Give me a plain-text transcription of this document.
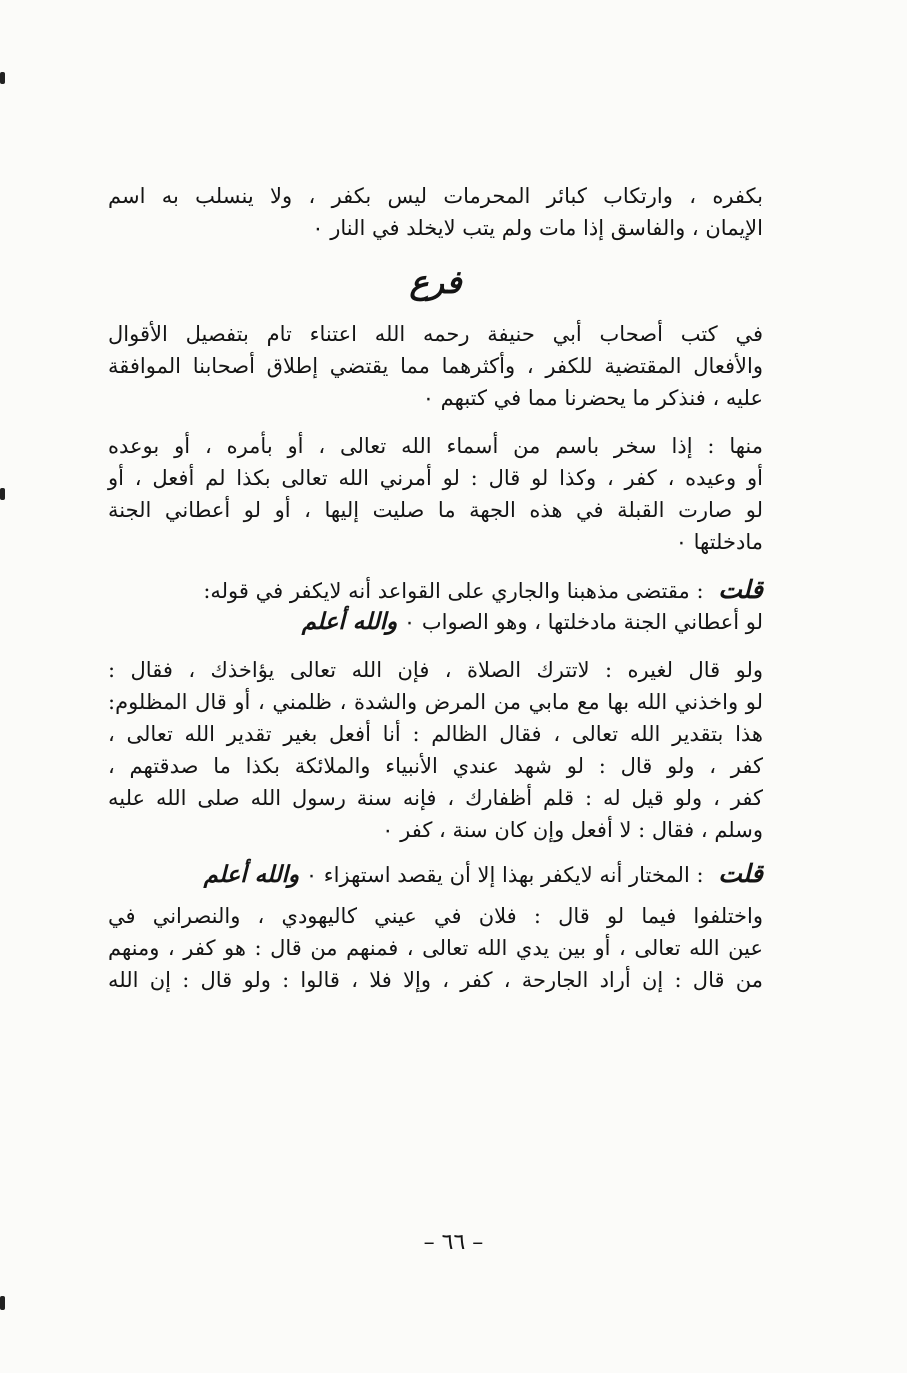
بكفره ، وارتكاب كبائر المحرمات ليس بكفر ، ولا ينسلب به اسم
الإيمان ، والفاسق إذا مات ولم يتب لايخلد في النار ٠
فرع
في كتب أصحاب أبي حنيفة رحمه الله اعتناء تام بتفصيل الأقوال
والأفعال المقتضية للكفر ، وأكثرهما مما يقتضي إطلاق أصحابنا الموافقة
عليه ، فنذكر ما يحضرنا مما في كتبهم ٠
منها : إذا سخر باسم من أسماء الله تعالى ، أو بأمره ، أو بوعده
أو وعيده ، كفر ، وكذا لو قال : لو أمرني الله تعالى بكذا لم أفعل ، أو
لو صارت القبلة في هذه الجهة ما صليت إليها ، أو لو أعطاني الجنة
مادخلتها ٠
قلت : مقتضى مذهبنا والجاري على القواعد أنه لايكفر في قوله:
لو أعطاني الجنة مادخلتها ، وهو الصواب ٠ والله أعلم
ولو قال لغيره : لاتترك الصلاة ، فإن الله تعالى يؤاخذك ، فقال :
لو واخذني الله بها مع مابي من المرض والشدة ، ظلمني ، أو قال المظلوم:
هذا بتقدير الله تعالى ، فقال الظالم : أنا أفعل بغير تقدير الله تعالى ،
كفر ، ولو قال : لو شهد عندي الأنبياء والملائكة بكذا ما صدقتهم ،
كفر ، ولو قيل له : قلم أظفارك ، فإنه سنة رسول الله صلى الله عليه
وسلم ، فقال : لا أفعل وإن كان سنة ، كفر ٠
قلت : المختار أنه لايكفر بهذا إلا أن يقصد استهزاء ٠ والله أعلم
واختلفوا فيما لو قال : فلان في عيني كاليهودي ، والنصراني في
عين الله تعالى ، أو بين يدي الله تعالى ، فمنهم من قال : هو كفر ، ومنهم
من قال : إن أراد الجارحة ، كفر ، وإلا فلا ، قالوا : ولو قال : إن الله
– ٦٦ –
